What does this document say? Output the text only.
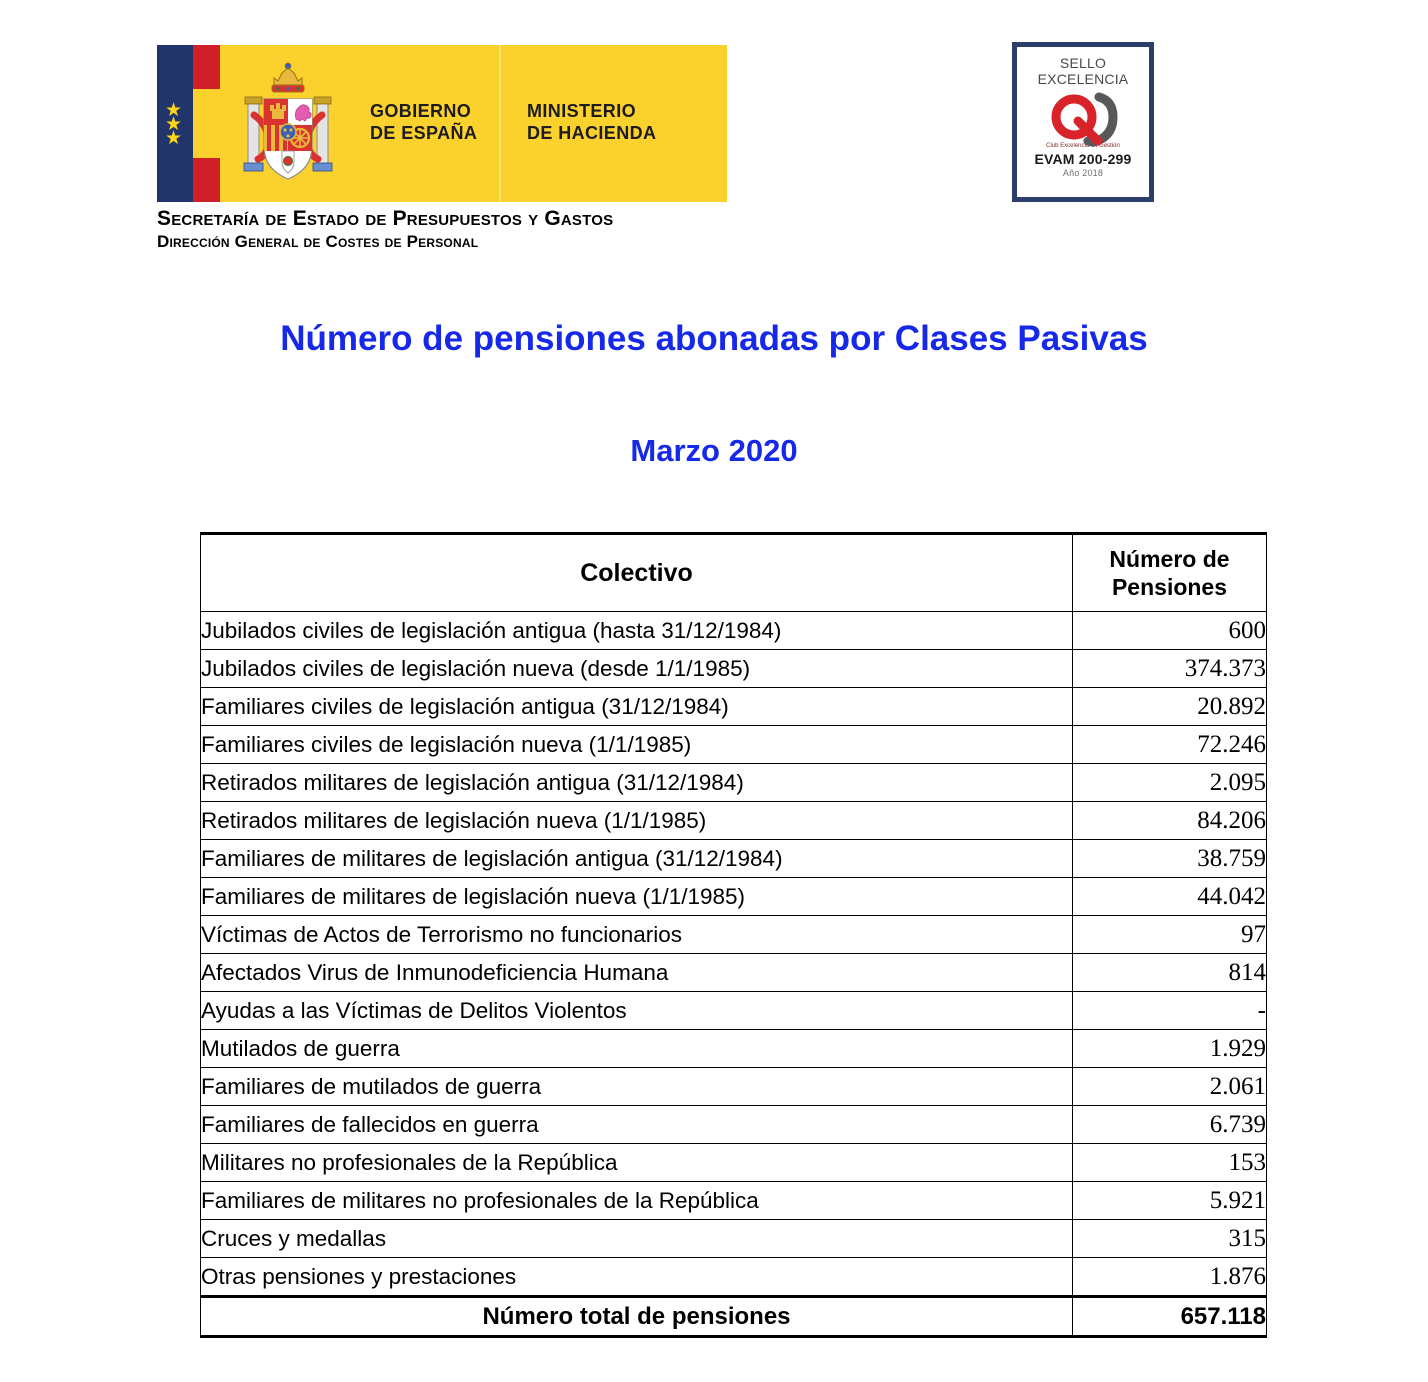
GOBIERNO
DE ESPAÑA
MINISTERIO
DE HACIENDA
Secretaría de Estado de Presupuestos y Gastos
Dirección General de Costes de Personal
SELLO
EXCELENCIA
Club Excelencia en Gestión
EVAM 200-299
Año 2018
Número de pensiones abonadas por Clases Pasivas
Marzo 2020
Colectivo	Número de
Pensiones

Jubilados civiles de legislación antigua (hasta 31/12/1984)	600
Jubilados civiles de legislación nueva (desde 1/1/1985)	374.373
Familiares civiles de legislación antigua (31/12/1984)	20.892
Familiares civiles de legislación nueva (1/1/1985)	72.246
Retirados militares de legislación antigua (31/12/1984)	2.095
Retirados militares de legislación nueva (1/1/1985)	84.206
Familiares de militares de legislación antigua (31/12/1984)	38.759
Familiares de militares de legislación nueva (1/1/1985)	44.042
Víctimas de Actos de Terrorismo no funcionarios	97
Afectados Virus de Inmunodeficiencia Humana	814
Ayudas a las Víctimas de Delitos Violentos	-
Mutilados de guerra	1.929
Familiares de mutilados de guerra	2.061
Familiares de fallecidos en guerra	6.739
Militares no profesionales de la República	153
Familiares de militares no profesionales de la República	5.921
Cruces y medallas	315
Otras pensiones y prestaciones	1.876
Número total de pensiones	657.118
